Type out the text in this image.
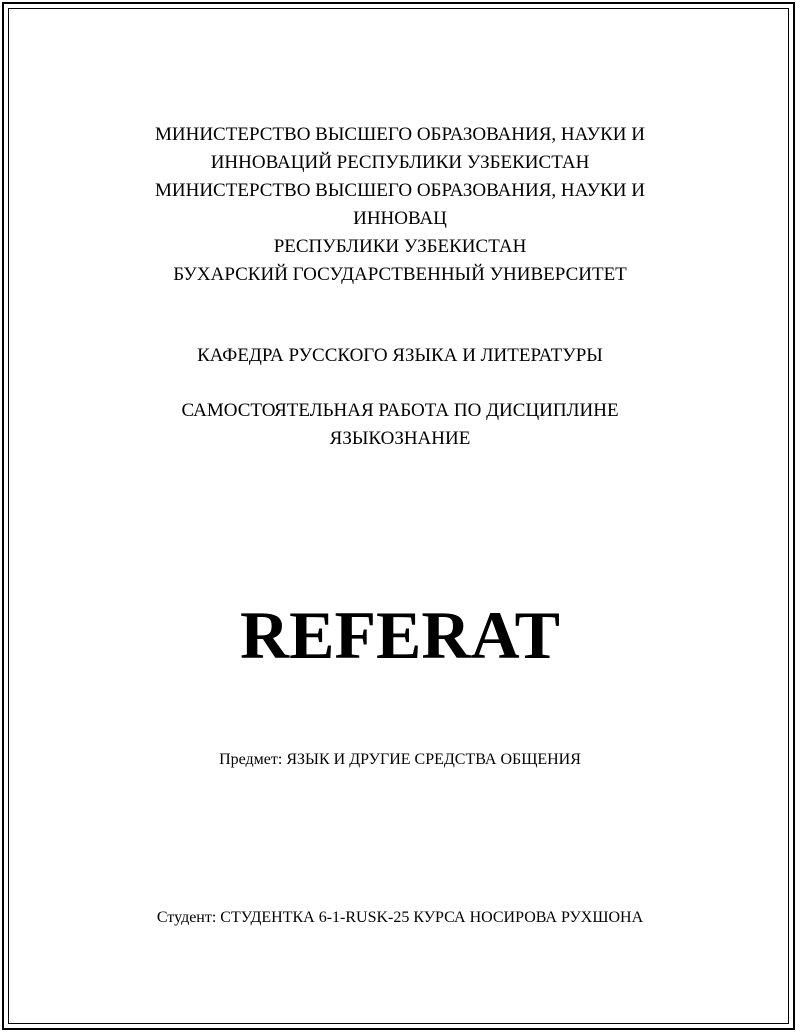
МИНИСТЕРСТВО ВЫСШЕГО ОБРАЗОВАНИЯ, НАУКИ И
ИННОВАЦИЙ РЕСПУБЛИКИ УЗБЕКИСТАН
МИНИСТЕРСТВО ВЫСШЕГО ОБРАЗОВАНИЯ, НАУКИ И
ИННОВАЦ
РЕСПУБЛИКИ УЗБЕКИСТАН
БУХАРСКИЙ ГОСУДАРСТВЕННЫЙ УНИВЕРСИТЕТ
КАФЕДРА РУССКОГО ЯЗЫКА И ЛИТЕРАТУРЫ
САМОСТОЯТЕЛЬНАЯ РАБОТА ПО ДИСЦИПЛИНЕ
ЯЗЫКОЗНАНИЕ
REFERAT
Предмет: ЯЗЫК И ДРУГИЕ СРЕДСТВА ОБЩЕНИЯ
Студент: СТУДЕНТКА 6-1-RUSK-25 КУРСА НОСИРОВА РУХШОНА
